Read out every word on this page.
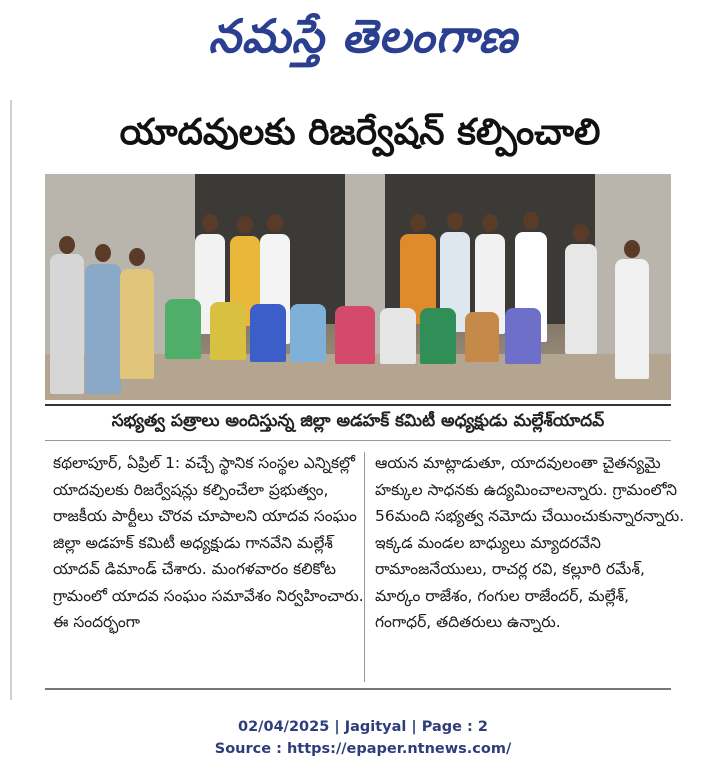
నమస్తే తెలంగాణ
యాదవులకు రిజర్వేషన్ కల్పించాలి
సభ్యత్వ పత్రాలు అందిస్తున్న జిల్లా అడహక్ కమిటీ అధ్యక్షుడు మల్లేశ్‌యాదవ్

కథలాపూర్, ఏప్రిల్ 1: వచ్చే స్థానిక సంస్థల ఎన్నికల్లో యాదవులకు రిజర్వేషన్లు కల్పించేలా ప్రభుత్వం, రాజకీయ పార్టీలు చొరవ చూపాలని యాదవ సంఘం జిల్లా అడహక్ కమిటీ అధ్యక్షుడు గానవేని మల్లేశ్ యాదవ్ డిమాండ్ చేశారు. మంగళవారం కలికోట గ్రామంలో యాదవ సంఘం సమావేశం నిర్వహించారు. ఈ సందర్భంగా

ఆయన మాట్లాడుతూ, యాదవులంతా చైతన్యమై హక్కుల సాధనకు ఉద్యమించాలన్నారు. గ్రామంలోని 56మంది సభ్యత్వ నమోదు చేయించుకున్నారన్నారు. ఇక్కడ మండల బాధ్యులు మ్యాదరవేని రామాంజనేయులు, రాచర్ల రవి, కల్లూరి రమేశ్, మార్కం రాజేశం, గంగుల రాజేందర్, మల్లేశ్, గంగాధర్, తదితరులు ఉన్నారు.

02/04/2025 | Jagityal | Page : 2
Source : https://epaper.ntnews.com/
